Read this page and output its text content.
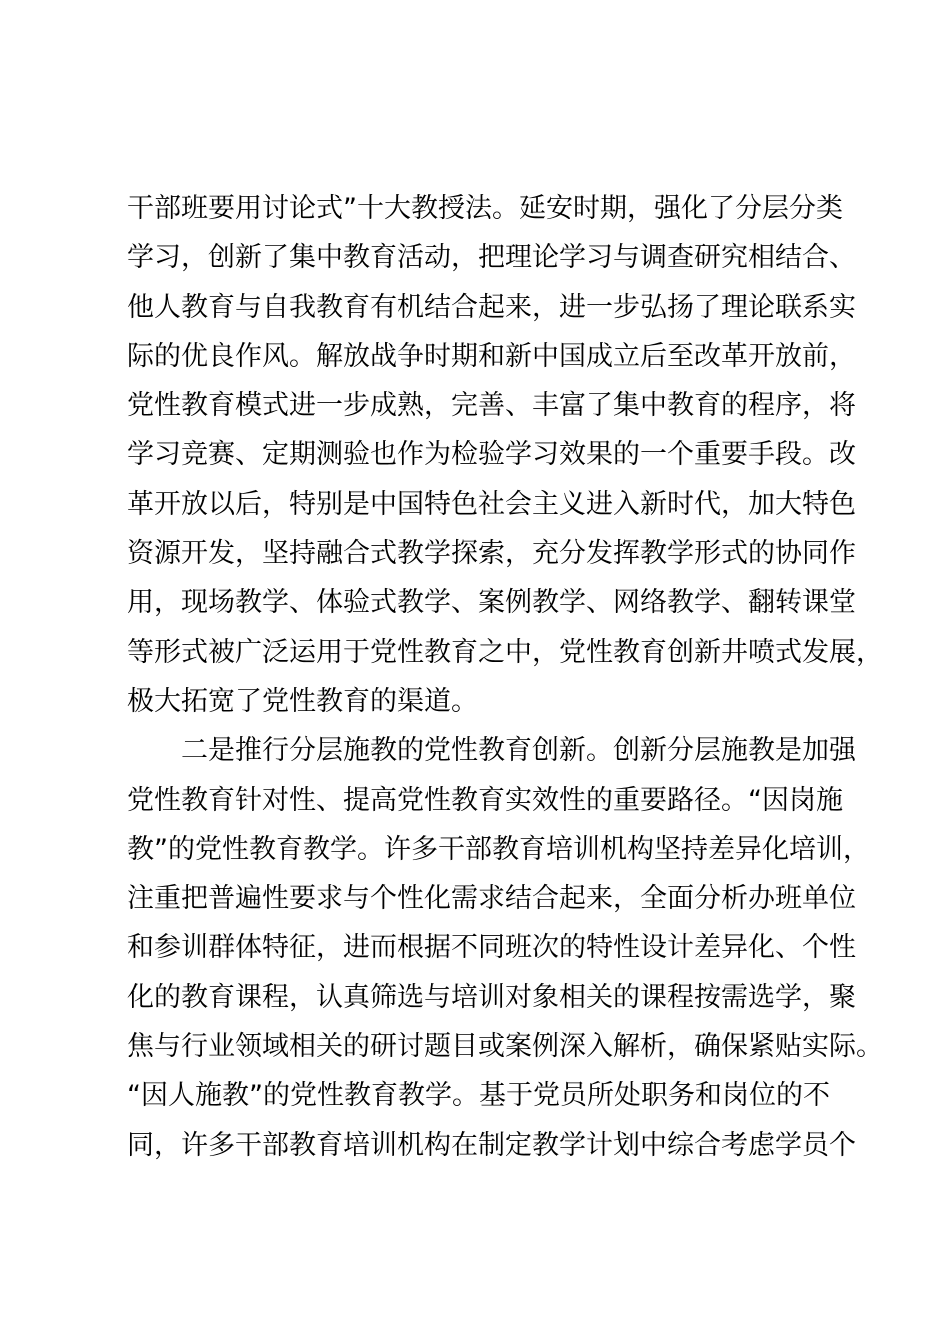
干部班要用讨论式”十大教授法。延安时期，强化了分层分类
学习，创新了集中教育活动，把理论学习与调查研究相结合、
他人教育与自我教育有机结合起来，进一步弘扬了理论联系实
际的优良作风。解放战争时期和新中国成立后至改革开放前，
党性教育模式进一步成熟，完善、丰富了集中教育的程序，将
学习竞赛、定期测验也作为检验学习效果的一个重要手段。改
革开放以后，特别是中国特色社会主义进入新时代，加大特色
资源开发，坚持融合式教学探索，充分发挥教学形式的协同作
用，现场教学、体验式教学、案例教学、网络教学、翻转课堂
等形式被广泛运用于党性教育之中，党性教育创新井喷式发展，
极大拓宽了党性教育的渠道。
　　二是推行分层施教的党性教育创新。创新分层施教是加强
党性教育针对性、提高党性教育实效性的重要路径。“因岗施
教”的党性教育教学。许多干部教育培训机构坚持差异化培训，
注重把普遍性要求与个性化需求结合起来，全面分析办班单位
和参训群体特征，进而根据不同班次的特性设计差异化、个性
化的教育课程，认真筛选与培训对象相关的课程按需选学，聚
焦与行业领域相关的研讨题目或案例深入解析，确保紧贴实际。
“因人施教”的党性教育教学。基于党员所处职务和岗位的不
同，许多干部教育培训机构在制定教学计划中综合考虑学员个
